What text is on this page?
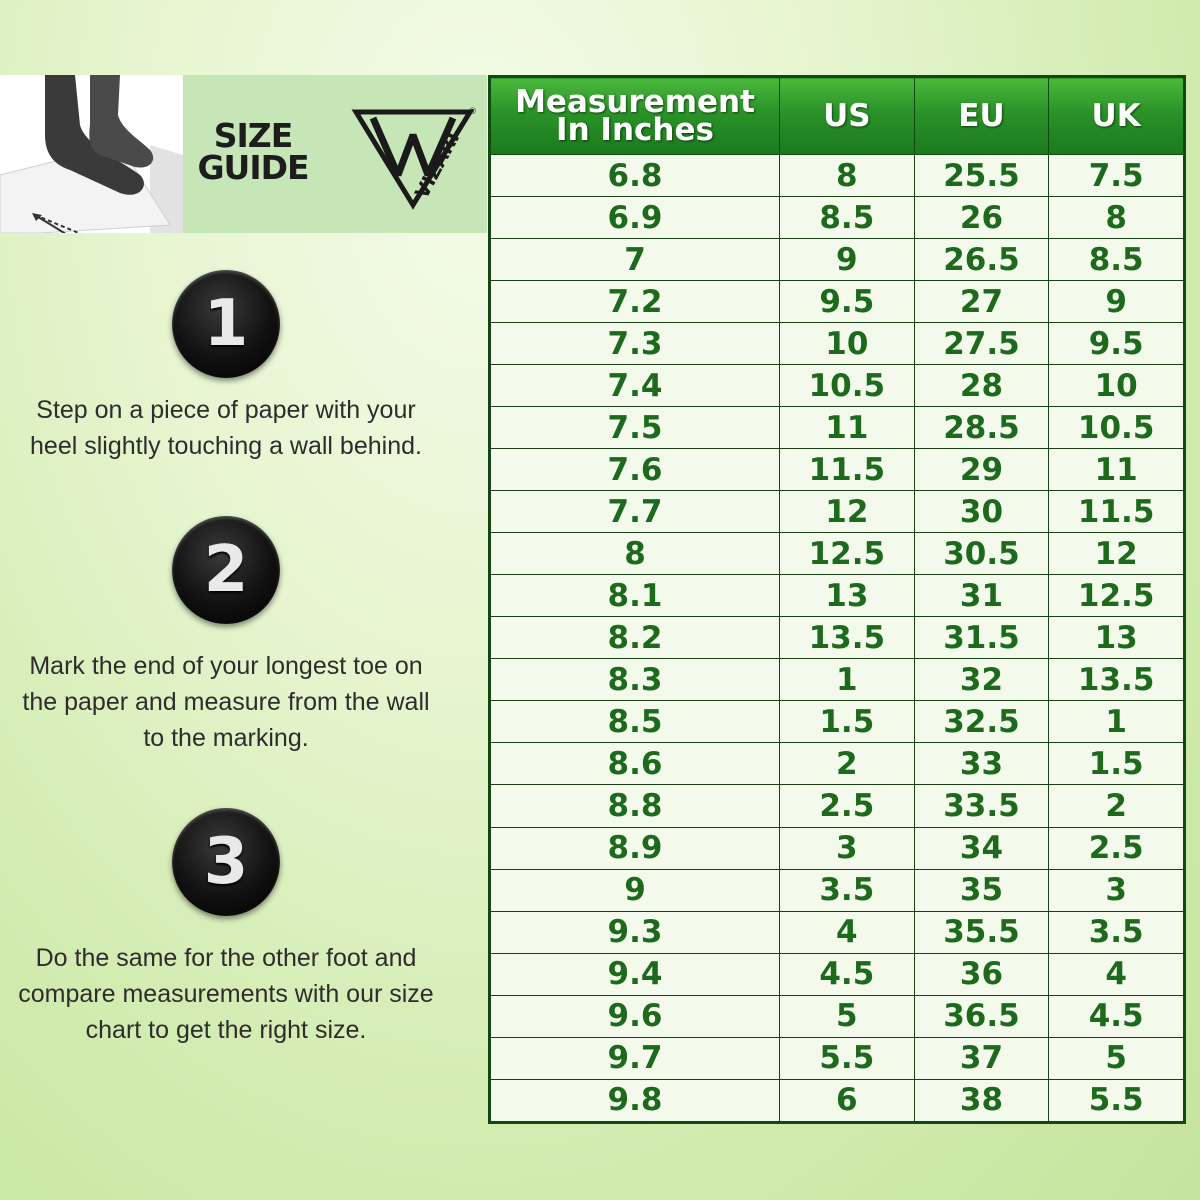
SIZE
GUIDE	VIZARI
®
1
Step on a piece of paper with your heel slightly touching a wall behind.
2
Mark the end of your longest toe on the paper and measure from the wall to the marking.
3
Do the same for the other foot and compare measurements with our size chart to get the right size.
Measurement In Inches	US	EU	UK
6.8	8	25.5	7.5
6.9	8.5	26	8
7	9	26.5	8.5
7.2	9.5	27	9
7.3	10	27.5	9.5
7.4	10.5	28	10
7.5	11	28.5	10.5
7.6	11.5	29	11
7.7	12	30	11.5
8	12.5	30.5	12
8.1	13	31	12.5
8.2	13.5	31.5	13
8.3	1	32	13.5
8.5	1.5	32.5	1
8.6	2	33	1.5
8.8	2.5	33.5	2
8.9	3	34	2.5
9	3.5	35	3
9.3	4	35.5	3.5
9.4	4.5	36	4
9.6	5	36.5	4.5
9.7	5.5	37	5
9.8	6	38	5.5
